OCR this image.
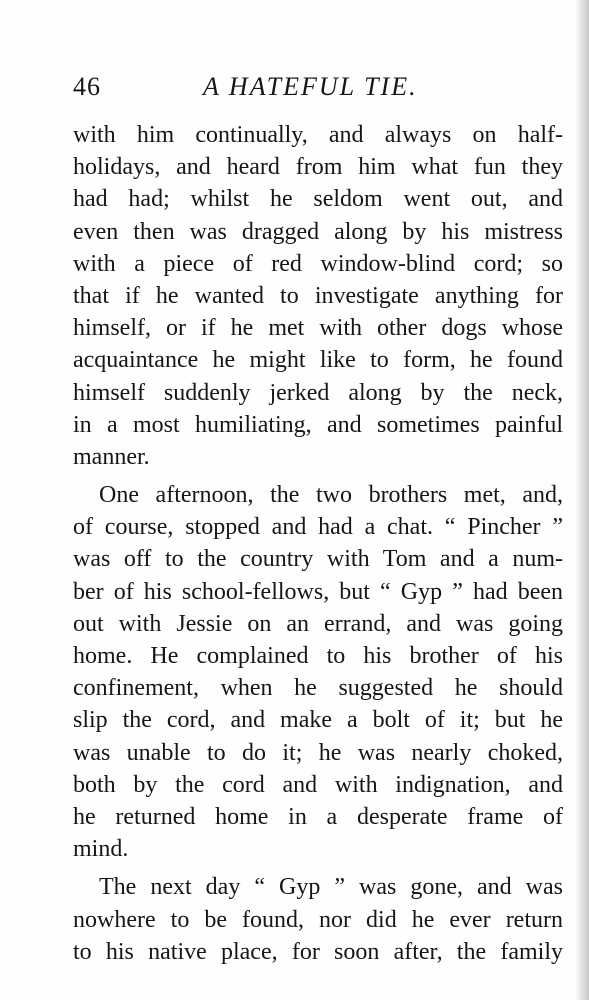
46	A HATEFUL TIE.
with him continually, and always on half-
holidays, and heard from him what fun they
had had; whilst he seldom went out, and
even then was dragged along by his mistress
with a piece of red window-blind cord; so
that if he wanted to investigate anything for
himself, or if he met with other dogs whose
acquaintance he might like to form, he found
himself suddenly jerked along by the neck,
in a most humiliating, and sometimes painful
manner.
One afternoon, the two brothers met, and,
of course, stopped and had a chat. “ Pincher ”
was off to the country with Tom and a num-
ber of his school-fellows, but “ Gyp ” had been
out with Jessie on an errand, and was going
home. He complained to his brother of his
confinement, when he suggested he should
slip the cord, and make a bolt of it; but he
was unable to do it; he was nearly choked,
both by the cord and with indignation, and
he returned home in a desperate frame of
mind.
The next day “ Gyp ” was gone, and was
nowhere to be found, nor did he ever return
to his native place, for soon after, the family
